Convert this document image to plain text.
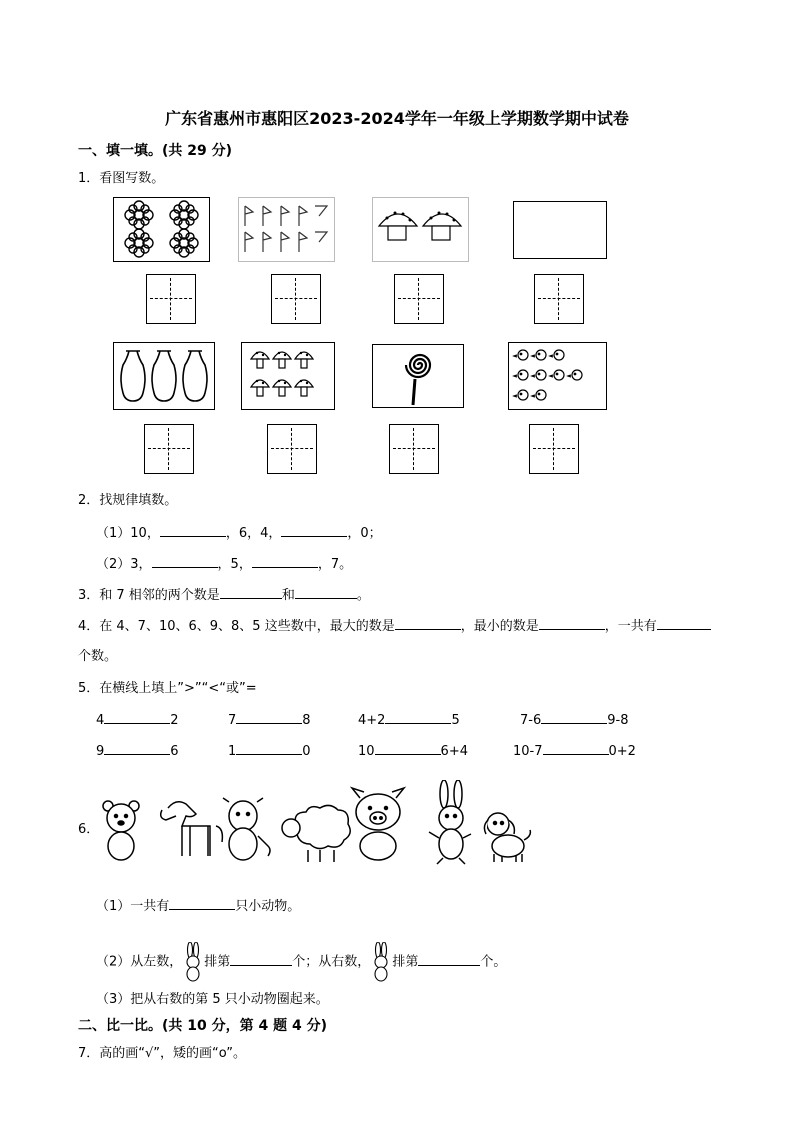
广东省惠州市惠阳区2023-2024学年一年级上学期数学期中试卷
一、填一填。(共 29 分)
1．看图写数。
2．找规律填数。
（1）10，	，6，4，	，0；
（2）3，	，5，	，7。
3．和 7 相邻的两个数是	和	。
4．在 4、7、10、6、9、8、5 这些数中，最大的数是	，最小的数是	，一共有
个数。
5．在横线上填上”>”“<“或”=
4	2	7	8	4+2	5	7-6	9-8
9	6	1	0	10	6+4	10-7	0+2
6．
（1）一共有	只小动物。
（2）从左数， 排第	个；从右数， 排第	个。
（3）把从右数的第 5 只小动物圈起来。
二、比一比。(共 10 分，第 4 题 4 分)
7．高的画“√”，矮的画“o”。
